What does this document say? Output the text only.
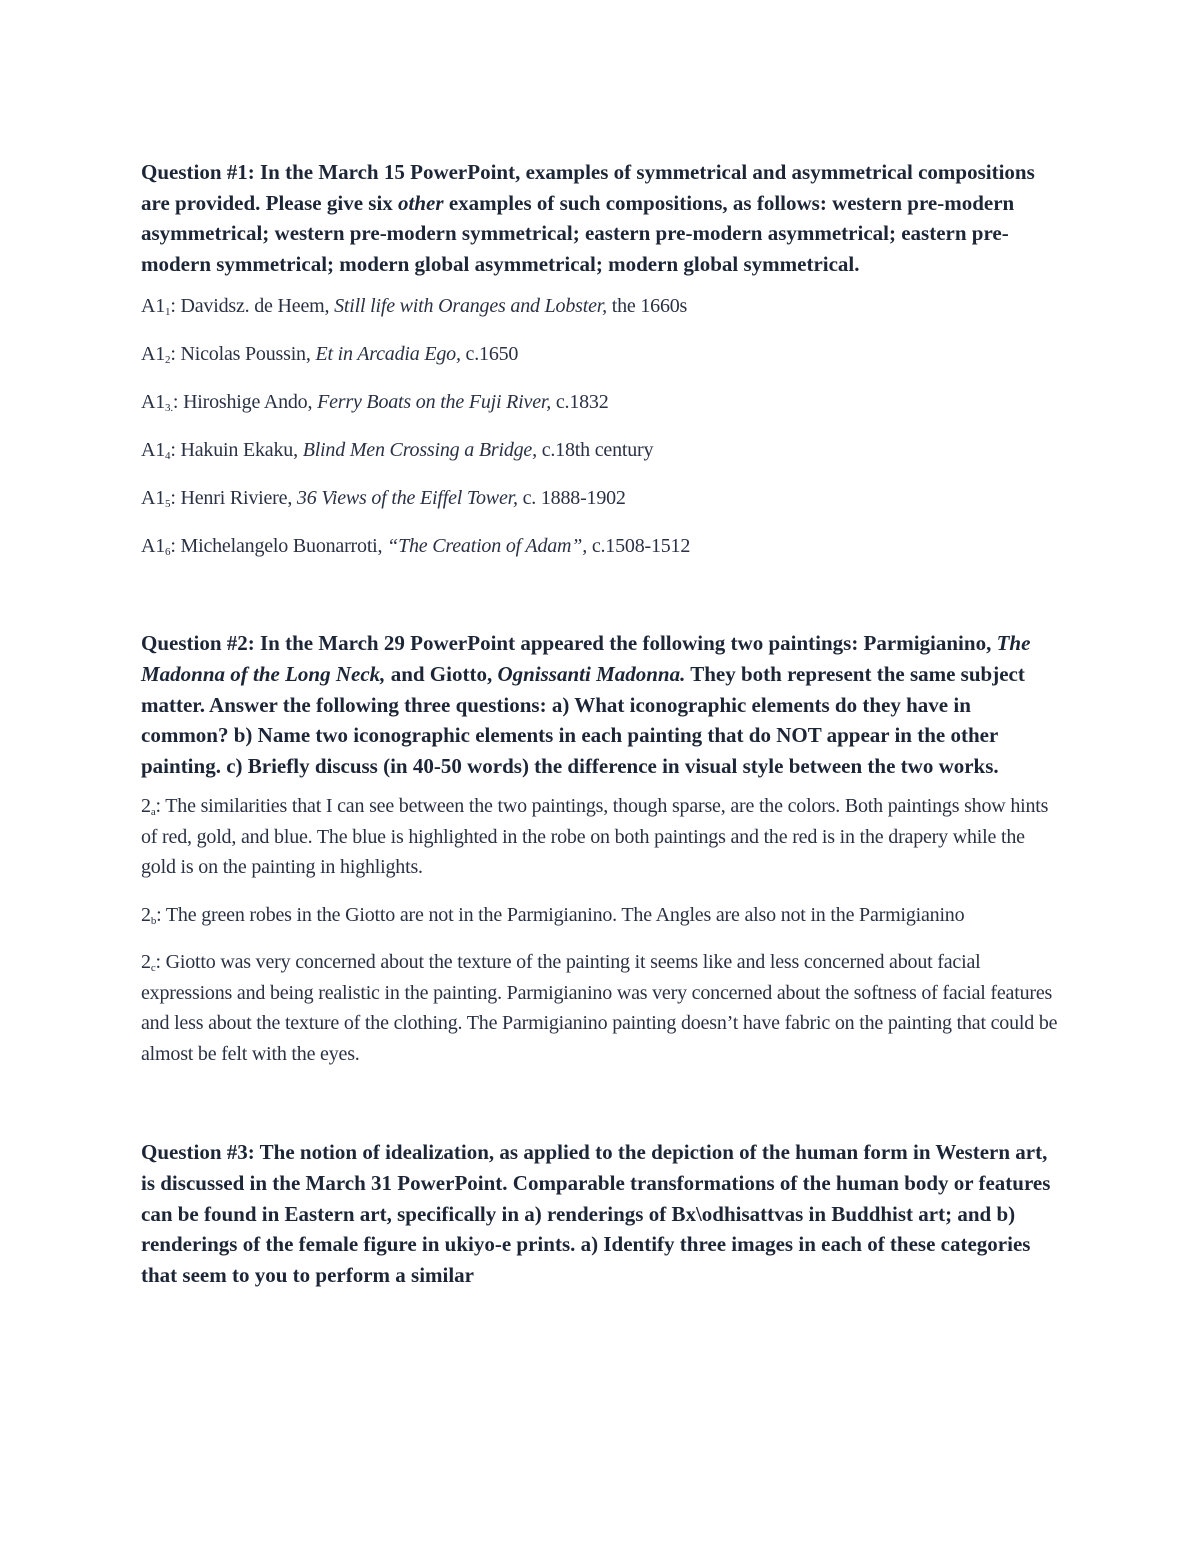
Question #1: In the March 15 PowerPoint, examples of symmetrical and asymmetrical compositions are provided. Please give six other examples of such compositions, as follows: western pre-modern asymmetrical; western pre-modern symmetrical; eastern pre-modern asymmetrical; eastern pre-modern symmetrical; modern global asymmetrical; modern global symmetrical.

$A1_1$: Davidsz. de Heem, Still life with Oranges and Lobster, the 1660s

$A1_2$: Nicolas Poussin, Et in Arcadia Ego, c.1650

$A1_{3.}$: Hiroshige Ando, Ferry Boats on the Fuji River, c.1832

$A1_4$: Hakuin Ekaku, Blind Men Crossing a Bridge, c.18th century

$A1_5$: Henri Riviere, 36 Views of the Eiffel Tower, c. 1888-1902

$A1_6$: Michelangelo Buonarroti, “The Creation of Adam”, c.1508-1512

Question #2: In the March 29 PowerPoint appeared the following two paintings: Parmigianino, The Madonna of the Long Neck, and Giotto, Ognissanti Madonna. They both represent the same subject matter. Answer the following three questions: a) What iconographic elements do they have in common? b) Name two iconographic elements in each painting that do NOT appear in the other painting. c) Briefly discuss (in 40-50 words) the difference in visual style between the two works.

$2_a$: The similarities that I can see between the two paintings, though sparse, are the colors. Both paintings show hints of red, gold, and blue. The blue is highlighted in the robe on both paintings and the red is in the drapery while the gold is on the painting in highlights.

$2_b$: The green robes in the Giotto are not in the Parmigianino. The Angles are also not in the Parmigianino

$2_c$: Giotto was very concerned about the texture of the painting it seems like and less concerned about facial expressions and being realistic in the painting. Parmigianino was very concerned about the softness of facial features and less about the texture of the clothing. The Parmigianino painting doesn’t have fabric on the painting that could be almost be felt with the eyes.

Question #3: The notion of idealization, as applied to the depiction of the human form in Western art, is discussed in the March 31 PowerPoint. Comparable transformations of the human body or features can be found in Eastern art, specifically in a) renderings of Bx\odhisattvas in Buddhist art; and b) renderings of the female figure in ukiyo-e prints. a) Identify three images in each of these categories that seem to you to perform a similar
